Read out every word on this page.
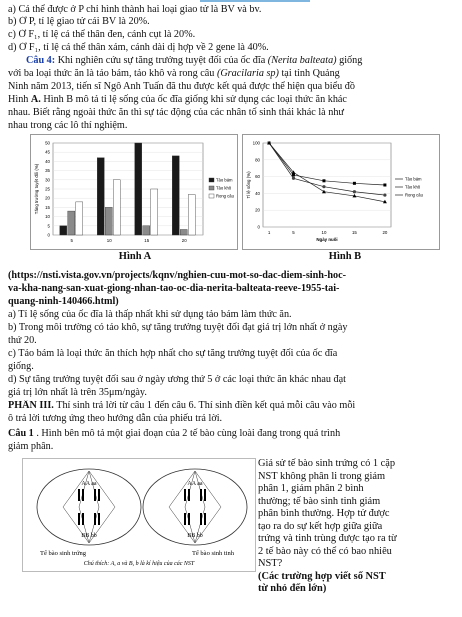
a) Cá thể được ở P chỉ hình thành hai loại giao tử là BV và bv.
b) Ở P, tỉ lệ giao tử cái BV là 20%.
c) Ở F₁, tỉ lệ cá thể thân đen, cánh cụt là 20%.
d) Ở F₁, tỉ lệ cá thể thân xám, cánh dài dị hợp về 2 gene là 40%.
Câu 4: Khi nghiên cứu sự tăng trưởng tuyệt đối của ốc đĩa (Nerita balteata) giống
với ba loại thức ăn là tảo bám, tảo khô và rong câu (Gracilaria sp) tại tỉnh Quảng
Ninh năm 2013, tiến sĩ Ngô Anh Tuấn đã thu được kết quả được thể hiện qua biểu đồ
Hình A. Hình B mô tả tỉ lệ sống của ốc đĩa giống khi sử dụng các loại thức ăn khác
nhau. Biết rằng ngoài thức ăn thì sự tác động của các nhân tố sinh thái khác là như
nhau trong các lô thí nghiệm.
0
5
10
15
20
25
30
35
40
45
50
5	10	15	20
Tăng trưởng tuyệt đối (%)	Tảo bám
Tảo khô
Rong câu
Hình A
0
20
40
60
80
100
1	5	10	15	20
Tảo bám
Tảo khô
Rong câu
Ngày nuôi
Tỉ lệ sống (%)
Hình B
(https://nsti.vista.gov.vn/projects/kqnv/nghien-cuu-mot-so-dac-diem-sinh-hoc-
va-kha-nang-san-xuat-giong-nhan-tao-oc-dia-nerita-balteata-reeve-1955-tai-
quang-ninh-140466.html)
a) Tỉ lệ sống của ốc đĩa là thấp nhất khi sử dụng tảo bám làm thức ăn.
b) Trong môi trường có tảo khô, sự tăng trưởng tuyệt đối đạt giá trị lớn nhất ở ngày
thứ 20.
c) Tảo bám là loại thức ăn thích hợp nhất cho sự tăng trưởng tuyệt đối của ốc đĩa
giống.
d) Sự tăng trưởng tuyệt đối sau ở ngày ương thứ 5 ở các loại thức ăn khác nhau đạt
giá trị lớn nhất là trên 35μm/ngày.
PHẦN III. Thí sinh trả lời từ câu 1 đến câu 6. Thí sinh điền kết quả mỗi câu vào mỗi
ô trả lời tương ứng theo hướng dẫn của phiếu trả lời.
Câu 1 . Hình bên mô tả một giai đoạn của 2 tế bào cùng loài đang trong quá trình
giảm phân.
AA aa
BB bb
AA aa
BB bb
Tế bào sinh trứng	Tế bào sinh tinh
Chú thích: A, a và B, b là kí hiệu của các NST
Giả sử tế bào sinh trứng có 1 cặp
NST không phân li trong giảm
phân 1, giảm phân 2 bình
thường; tế bào sinh tinh giảm
phân bình thường. Hợp tử được
tạo ra do sự kết hợp giữa giữa
trứng và tinh trùng được tạo ra từ
2 tế bào này có thể có bao nhiêu
NST?
(Các trường hợp viết số NST
từ nhỏ đến lớn)
